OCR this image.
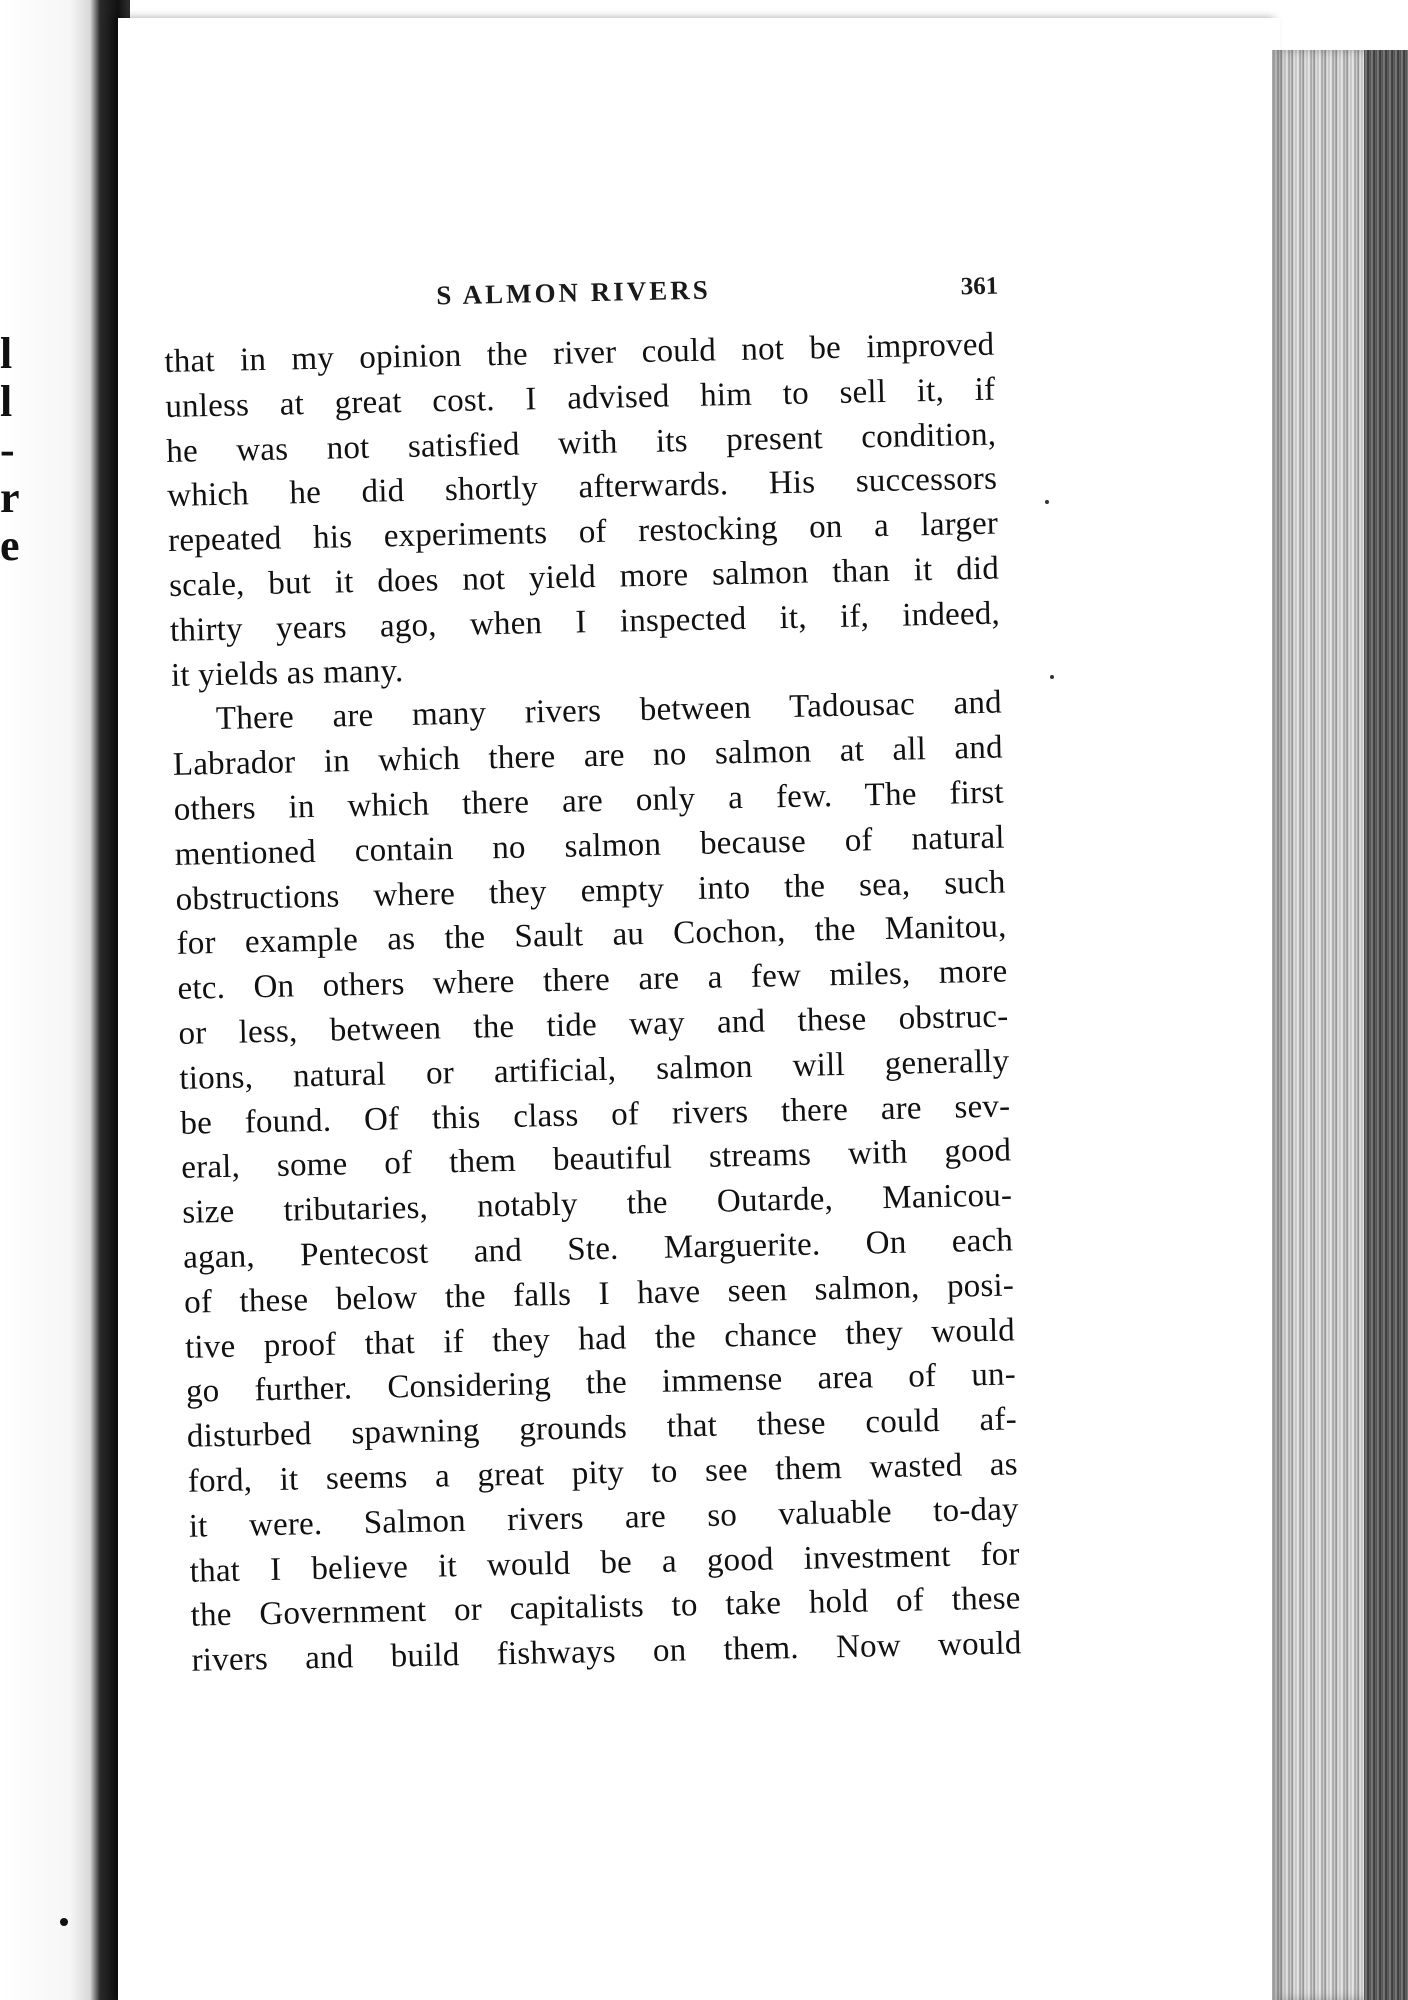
l
l
-
r
e
S ALMON RIVERS	361
that in my opinion the river could not be improved
unless at great cost. I advised him to sell it, if
he was not satisfied with its present condition,
which he did shortly afterwards. His successors
repeated his experiments of restocking on a larger
scale, but it does not yield more salmon than it did
thirty years ago, when I inspected it, if, indeed,
it yields as many.
There are many rivers between Tadousac and
Labrador in which there are no salmon at all and
others in which there are only a few. The first
mentioned contain no salmon because of natural
obstructions where they empty into the sea, such
for example as the Sault au Cochon, the Manitou,
etc. On others where there are a few miles, more
or less, between the tide way and these obstruc-
tions, natural or artificial, salmon will generally
be found. Of this class of rivers there are sev-
eral, some of them beautiful streams with good
size tributaries, notably the Outarde, Manicou-
agan, Pentecost and Ste. Marguerite. On each
of these below the falls I have seen salmon, posi-
tive proof that if they had the chance they would
go further. Considering the immense area of un-
disturbed spawning grounds that these could af-
ford, it seems a great pity to see them wasted as
it were. Salmon rivers are so valuable to-day
that I believe it would be a good investment for
the Government or capitalists to take hold of these
rivers and build fishways on them. Now would
